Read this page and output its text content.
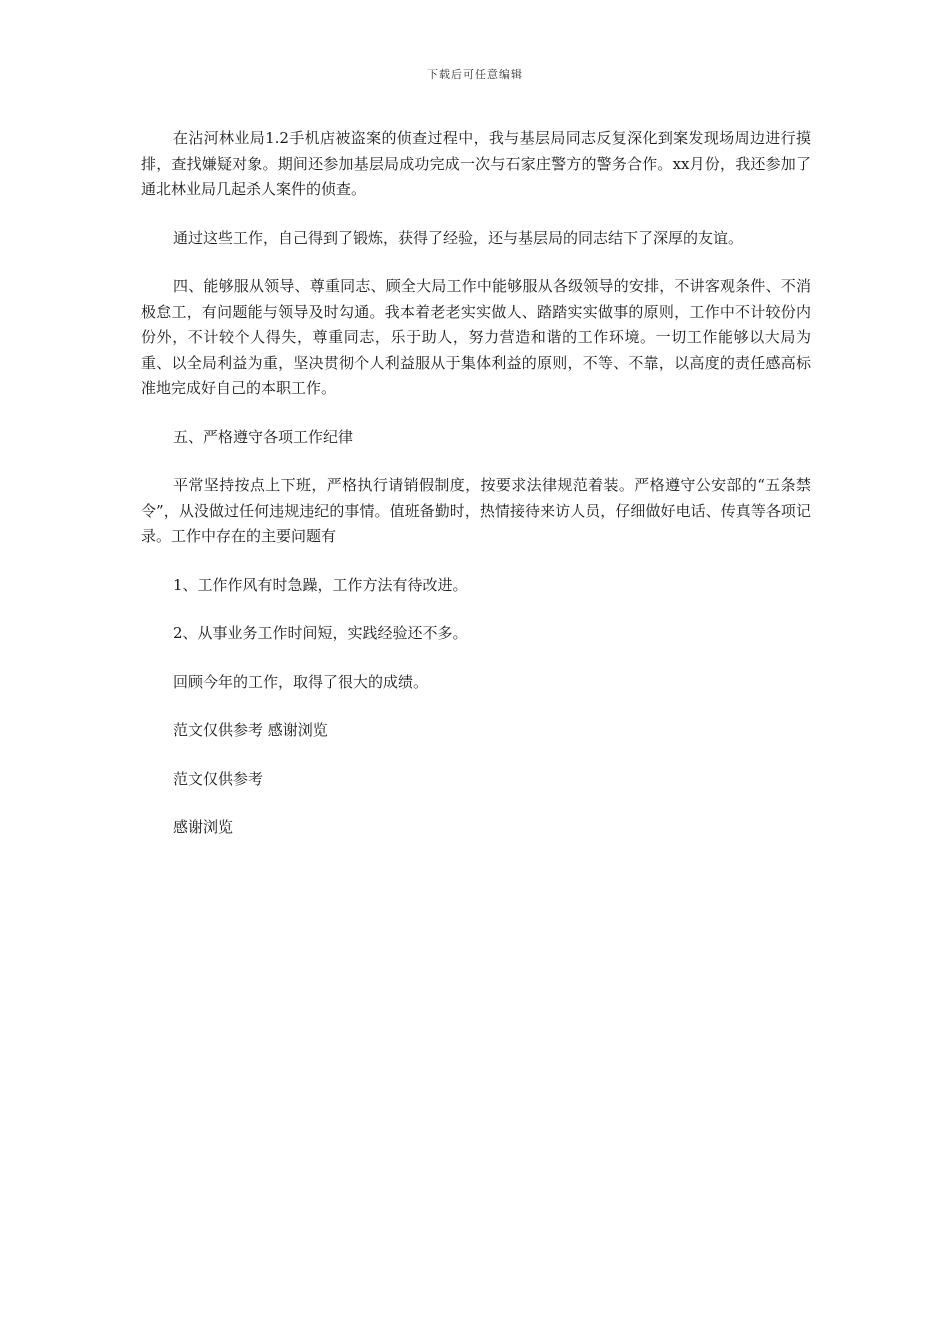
下载后可任意编辑

在沾河林业局1.2手机店被盗案的侦查过程中，我与基层局同志反复深化到案发现场周边进行摸排，查找嫌疑对象。期间还参加基层局成功完成一次与石家庄警方的警务合作。xx月份，我还参加了通北林业局几起杀人案件的侦查。

通过这些工作，自己得到了锻炼，获得了经验，还与基层局的同志结下了深厚的友谊。

四、能够服从领导、尊重同志、顾全大局工作中能够服从各级领导的安排，不讲客观条件、不消极怠工，有问题能与领导及时勾通。我本着老老实实做人、踏踏实实做事的原则，工作中不计较份内份外，不计较个人得失，尊重同志，乐于助人，努力营造和谐的工作环境。一切工作能够以大局为重、以全局利益为重，坚决贯彻个人利益服从于集体利益的原则，不等、不靠，以高度的责任感高标准地完成好自己的本职工作。

五、严格遵守各项工作纪律

平常坚持按点上下班，严格执行请销假制度，按要求法律规范着装。严格遵守公安部的“五条禁令”，从没做过任何违规违纪的事情。值班备勤时，热情接待来访人员，仔细做好电话、传真等各项记录。工作中存在的主要问题有

1、工作作风有时急躁，工作方法有待改进。

2、从事业务工作时间短，实践经验还不多。

回顾今年的工作，取得了很大的成绩。

范文仅供参考 感谢浏览

范文仅供参考

感谢浏览
